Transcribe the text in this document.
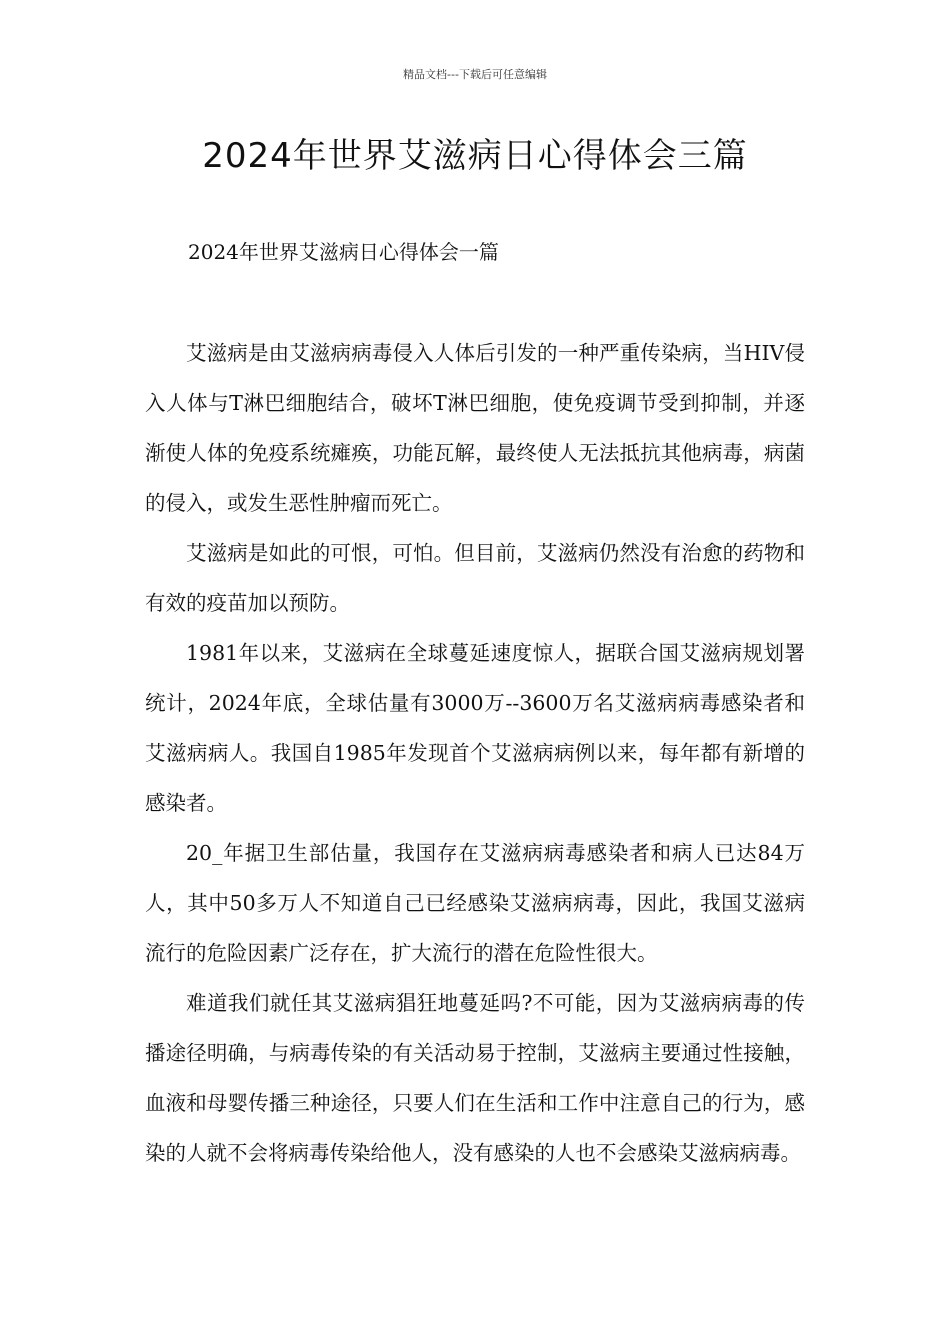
精品文档---下载后可任意编辑
2024年世界艾滋病日心得体会三篇
2024年世界艾滋病日心得体会一篇

艾滋病是由艾滋病病毒侵入人体后引发的一种严重传染病，当HIV侵入人体与T淋巴细胞结合，破坏T淋巴细胞，使免疫调节受到抑制，并逐渐使人体的免疫系统瘫痪，功能瓦解，最终使人无法抵抗其他病毒，病菌的侵入，或发生恶性肿瘤而死亡。

艾滋病是如此的可恨，可怕。但目前，艾滋病仍然没有治愈的药物和有效的疫苗加以预防。

1981年以来，艾滋病在全球蔓延速度惊人，据联合国艾滋病规划署统计，2024年底，全球估量有3000万--3600万名艾滋病病毒感染者和艾滋病病人。我国自1985年发现首个艾滋病病例以来，每年都有新增的感染者。

20_年据卫生部估量，我国存在艾滋病病毒感染者和病人已达84万人，其中50多万人不知道自己已经感染艾滋病病毒，因此，我国艾滋病流行的危险因素广泛存在，扩大流行的潜在危险性很大。

难道我们就任其艾滋病猖狂地蔓延吗?不可能，因为艾滋病病毒的传播途径明确，与病毒传染的有关活动易于控制，艾滋病主要通过性接触，血液和母婴传播三种途径，只要人们在生活和工作中注意自己的行为，感染的人就不会将病毒传染给他人，没有感染的人也不会感染艾滋病病毒。
